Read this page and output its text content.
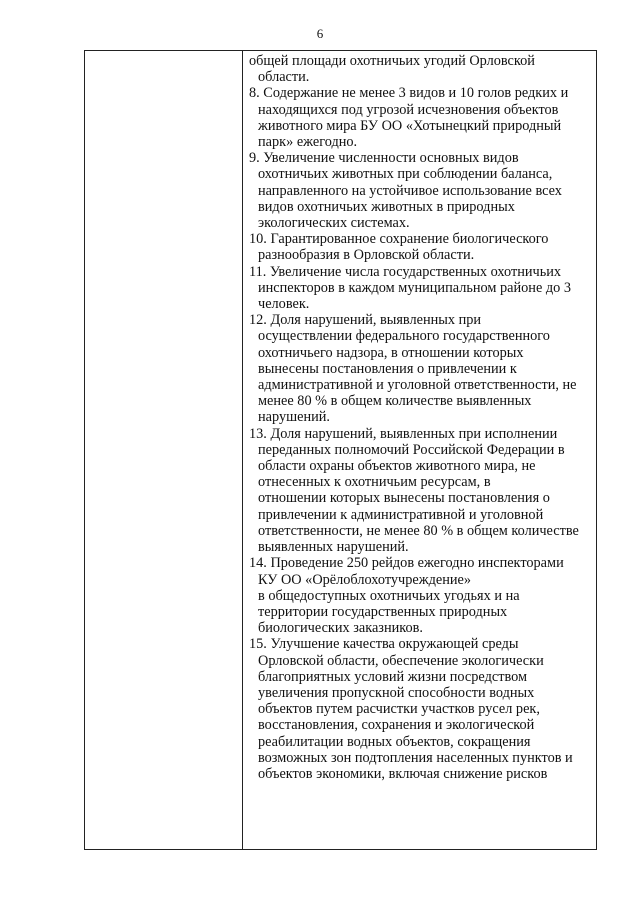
6
общей площади охотничьих угодий Орловской
области.
8. Содержание не менее 3 видов и 10 голов редких и
находящихся под угрозой исчезновения объектов
животного мира БУ ОО «Хотынецкий природный
парк» ежегодно.
9. Увеличение численности основных видов
охотничьих животных при соблюдении баланса,
направленного на устойчивое использование всех
видов охотничьих животных в природных
экологических системах.
10. Гарантированное сохранение биологического
разнообразия в Орловской области.
11. Увеличение числа государственных охотничьих
инспекторов в каждом муниципальном районе до 3
человек.
12. Доля нарушений, выявленных при
осуществлении федерального государственного
охотничьего надзора, в отношении которых
вынесены постановления о привлечении к
административной и уголовной ответственности, не
менее 80 % в общем количестве выявленных
нарушений.
13. Доля нарушений, выявленных при исполнении
переданных полномочий Российской Федерации в
области охраны объектов животного мира, не
отнесенных к охотничьим ресурсам, в
отношении которых вынесены постановления о
привлечении к административной и уголовной
ответственности, не менее 80 % в общем количестве
выявленных нарушений.
14. Проведение 250 рейдов ежегодно инспекторами
КУ ОО «Орёлоблохотучреждение»
в общедоступных охотничьих угодьях и на
территории государственных природных
биологических заказников.
15. Улучшение качества окружающей среды
Орловской области, обеспечение экологически
благоприятных условий жизни посредством
увеличения пропускной способности водных
объектов путем расчистки участков русел рек,
восстановления, сохранения и экологической
реабилитации водных объектов, сокращения
возможных зон подтопления населенных пунктов и
объектов экономики, включая снижение рисков
